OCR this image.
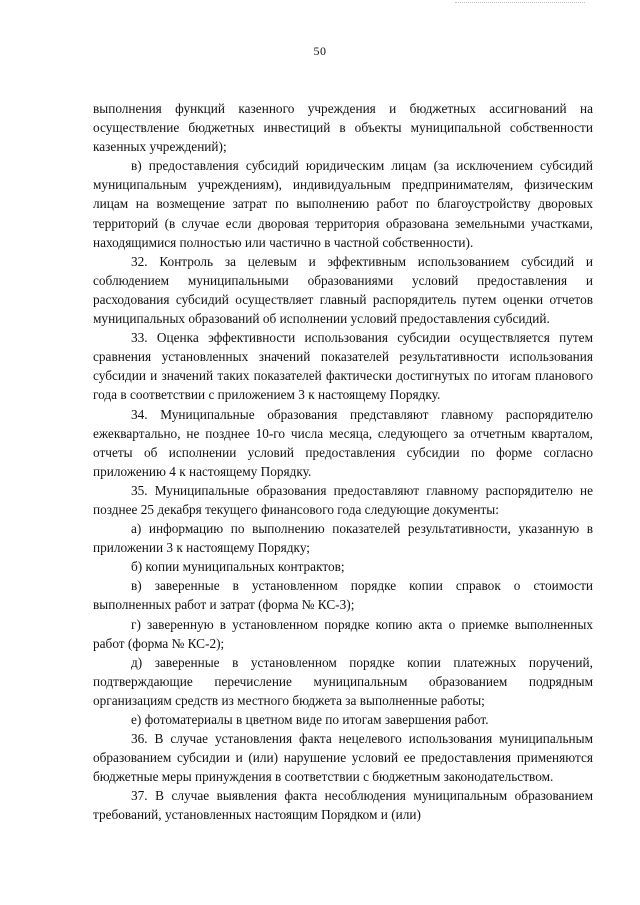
50

выполнения функций казенного учреждения и бюджетных ассигнований на осуществление бюджетных инвестиций в объекты муниципальной собственности казенных учреждений);

в) предоставления субсидий юридическим лицам (за исключением субсидий муниципальным учреждениям), индивидуальным предпринимателям, физическим лицам на возмещение затрат по выполнению работ по благоустройству дворовых территорий (в случае если дворовая территория образована земельными участками, находящимися полностью или частично в частной собственности).

32. Контроль за целевым и эффективным использованием субсидий и соблюдением муниципальными образованиями условий предоставления и расходования субсидий осуществляет главный распорядитель путем оценки отчетов муниципальных образований об исполнении условий предоставления субсидий.

33. Оценка эффективности использования субсидии осуществляется путем сравнения установленных значений показателей результативности использования субсидии и значений таких показателей фактически достигнутых по итогам планового года в соответствии с приложением 3 к настоящему Порядку.

34. Муниципальные образования представляют главному распорядителю ежеквартально, не позднее 10-го числа месяца, следующего за отчетным кварталом, отчеты об исполнении условий предоставления субсидии по форме согласно приложению 4 к настоящему Порядку.

35. Муниципальные образования предоставляют главному распорядителю не позднее 25 декабря текущего финансового года следующие документы:

а) информацию по выполнению показателей результативности, указанную в приложении 3 к настоящему Порядку;

б) копии муниципальных контрактов;

в) заверенные в установленном порядке копии справок о стоимости выполненных работ и затрат (форма № КС-3);

г) заверенную в установленном порядке копию акта о приемке выполненных работ (форма № КС-2);

д) заверенные в установленном порядке копии платежных поручений, подтверждающие перечисление муниципальным образованием подрядным организациям средств из местного бюджета за выполненные работы;

е) фотоматериалы в цветном виде по итогам завершения работ.

36. В случае установления факта нецелевого использования муниципальным образованием субсидии и (или) нарушение условий ее предоставления применяются бюджетные меры принуждения в соответствии с бюджетным законодательством.

37. В случае выявления факта несоблюдения муниципальным образованием требований, установленных настоящим Порядком и (или)
